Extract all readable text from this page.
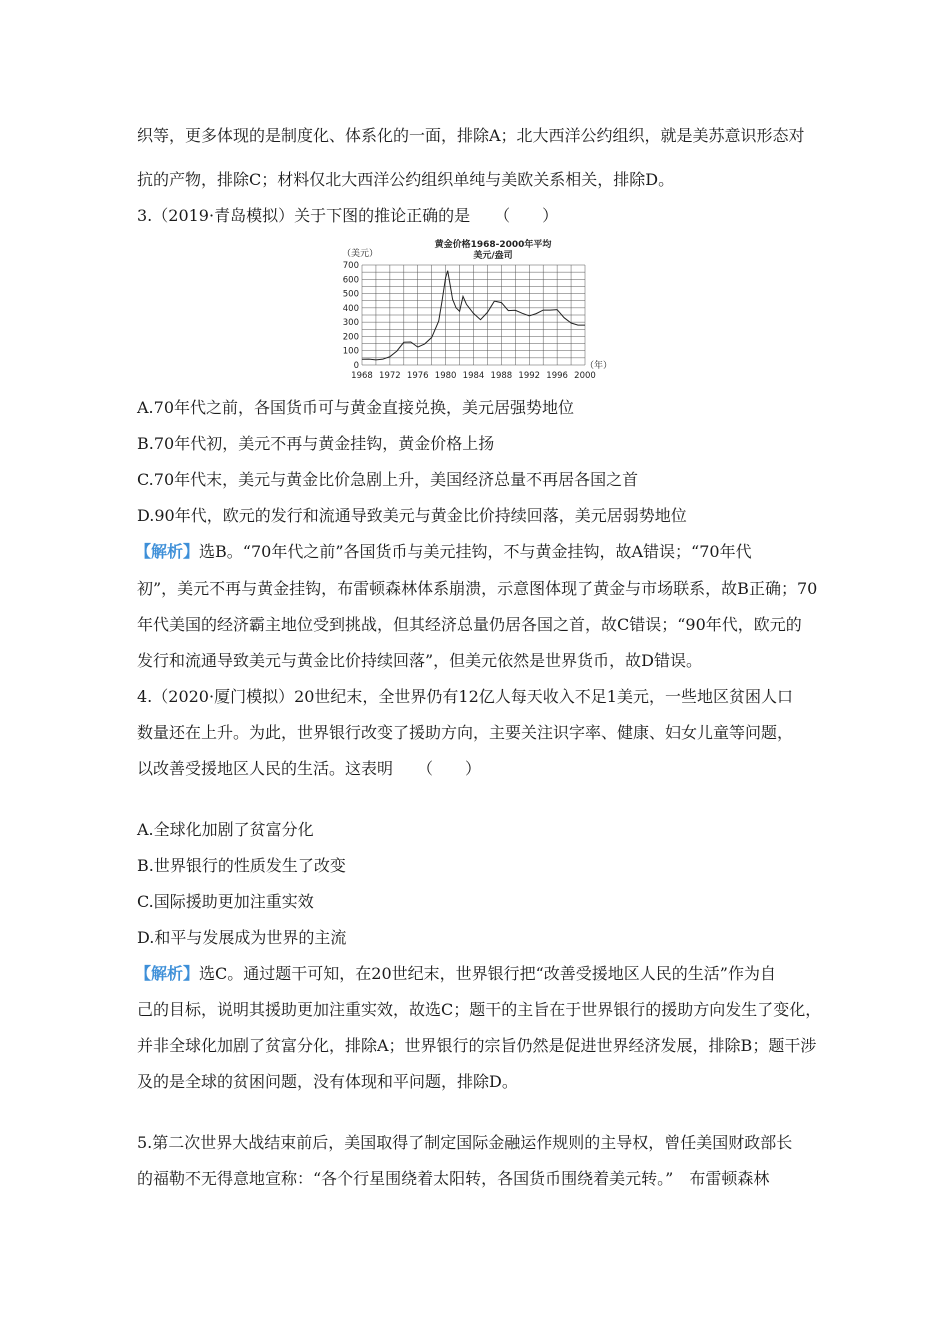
织等，更多体现的是制度化、体系化的一面，排除A；北大西洋公约组织，就是美苏意识形态对
抗的产物，排除C；材料仅北大西洋公约组织单纯与美欧关系相关，排除D。
3.（2019·青岛模拟）关于下图的推论正确的是　　（　　）
黄金价格1968-2000年平均
美元/盎司
（美元）
（年）
1968 1972 1976 1980 1984 1988 1992 1996 2000
0
100
200
300
400
500
600
700
A.70年代之前，各国货币可与黄金直接兑换，美元居强势地位
B.70年代初，美元不再与黄金挂钩，黄金价格上扬
C.70年代末，美元与黄金比价急剧上升，美国经济总量不再居各国之首
D.90年代，欧元的发行和流通导致美元与黄金比价持续回落，美元居弱势地位
【解析】选B。“70年代之前”各国货币与美元挂钩，不与黄金挂钩，故A错误；“70年代
初”，美元不再与黄金挂钩，布雷顿森林体系崩溃，示意图体现了黄金与市场联系，故B正确；70
年代美国的经济霸主地位受到挑战，但其经济总量仍居各国之首，故C错误；“90年代，欧元的
发行和流通导致美元与黄金比价持续回落”，但美元依然是世界货币，故D错误。
4.（2020·厦门模拟）20世纪末，全世界仍有12亿人每天收入不足1美元，一些地区贫困人口
数量还在上升。为此，世界银行改变了援助方向，主要关注识字率、健康、妇女儿童等问题，
以改善受援地区人民的生活。这表明　　（　　）
A.全球化加剧了贫富分化
B.世界银行的性质发生了改变
C.国际援助更加注重实效
D.和平与发展成为世界的主流
【解析】选C。通过题干可知，在20世纪末，世界银行把“改善受援地区人民的生活”作为自
己的目标，说明其援助更加注重实效，故选C；题干的主旨在于世界银行的援助方向发生了变化，
并非全球化加剧了贫富分化，排除A；世界银行的宗旨仍然是促进世界经济发展，排除B；题干涉
及的是全球的贫困问题，没有体现和平问题，排除D。
5.第二次世界大战结束前后，美国取得了制定国际金融运作规则的主导权，曾任美国财政部长
的福勒不无得意地宣称：“各个行星围绕着太阳转，各国货币围绕着美元转。”　布雷顿森林
